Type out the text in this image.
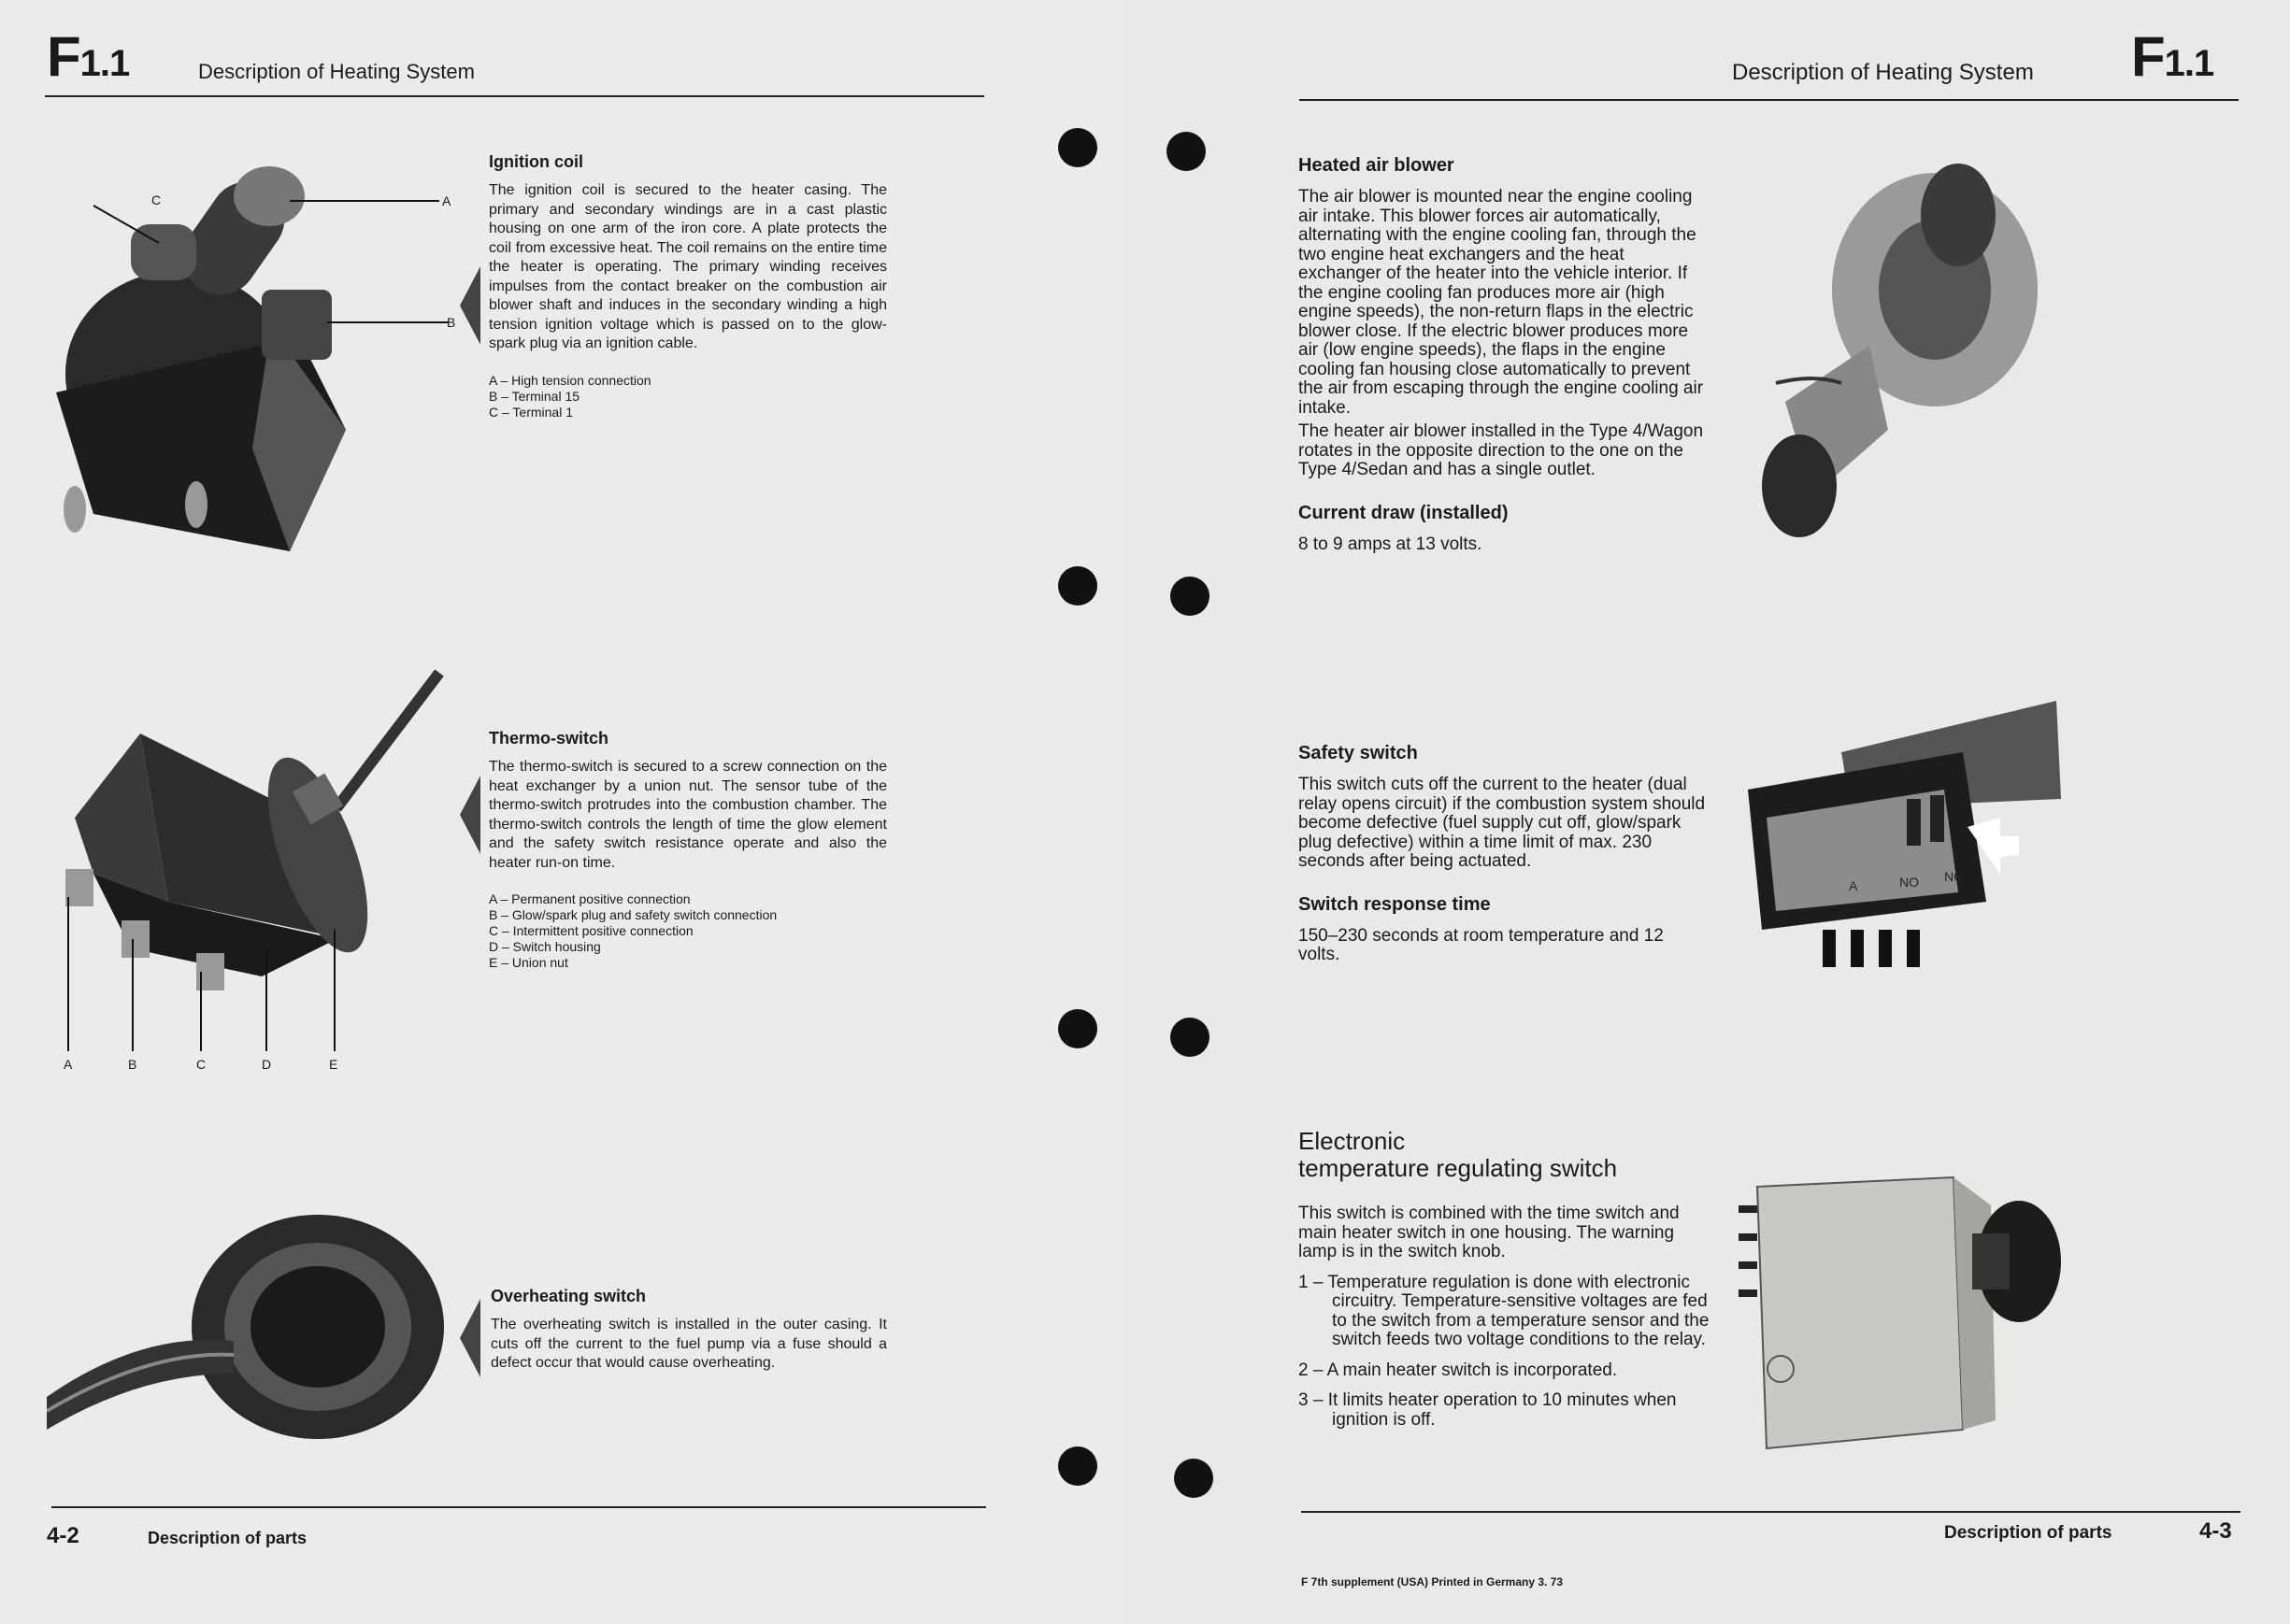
F1.1	Description of Heating System
C	A
B

Ignition coil

The ignition coil is secured to the heater casing. The primary and secondary windings are in a cast plastic housing on one arm of the iron core. A plate protects the coil from excessive heat. The coil remains on the entire time the heater is operating. The primary winding receives impulses from the contact breaker on the combustion air blower shaft and induces in the secondary winding a high tension ignition voltage which is passed on to the glow-spark plug via an ignition cable.

A – High tension connection

B – Terminal 15

C – Terminal 1

A	B	C	D	E

Thermo-switch

The thermo-switch is secured to a screw connection on the heat exchanger by a union nut. The sensor tube of the thermo-switch protrudes into the combustion chamber. The thermo-switch controls the length of time the glow element and the safety switch resistance operate and also the heater run-on time.

A – Permanent positive connection

B – Glow/spark plug and safety switch connection

C – Intermittent positive connection

D – Switch housing

E – Union nut

Overheating switch

The overheating switch is installed in the outer casing. It cuts off the current to the fuel pump via a fuse should a defect occur that would cause overheating.

4-2	Description of parts
Description of Heating System F1.1

Heated air blower

The air blower is mounted near the engine cooling air intake. This blower forces air automatically, alternating with the engine cooling fan, through the two engine heat exchangers and the heat exchanger of the heater into the vehicle interior. If the engine cooling fan produces more air (high engine speeds), the non-return flaps in the electric blower close. If the electric blower produces more air (low engine speeds), the flaps in the engine cooling fan housing close automatically to prevent the air from escaping through the engine cooling air intake.

The heater air blower installed in the Type 4/Wagon rotates in the opposite direction to the one on the Type 4/Sedan and has a single outlet.

Current draw (installed)

8 to 9 amps at 13 volts.

Safety switch

This switch cuts off the current to the heater (dual relay opens circuit) if the combustion system should become defective (fuel supply cut off, glow/spark plug defective) within a time limit of max. 230 seconds after being actuated.

Switch response time

150–230 seconds at room temperature and 12 volts.

A	NO NO

Electronic

temperature regulating switch

This switch is combined with the time switch and main heater switch in one housing. The warning lamp is in the switch knob.

1 – Temperature regulation is done with electronic circuitry. Temperature-sensitive voltages are fed to the switch from a temperature sensor and the switch feeds two voltage conditions to the relay.

2 – A main heater switch is incorporated.

3 – It limits heater operation to 10 minutes when ignition is off.

Description of parts	4-3
F 7th supplement (USA) Printed in Germany 3. 73
